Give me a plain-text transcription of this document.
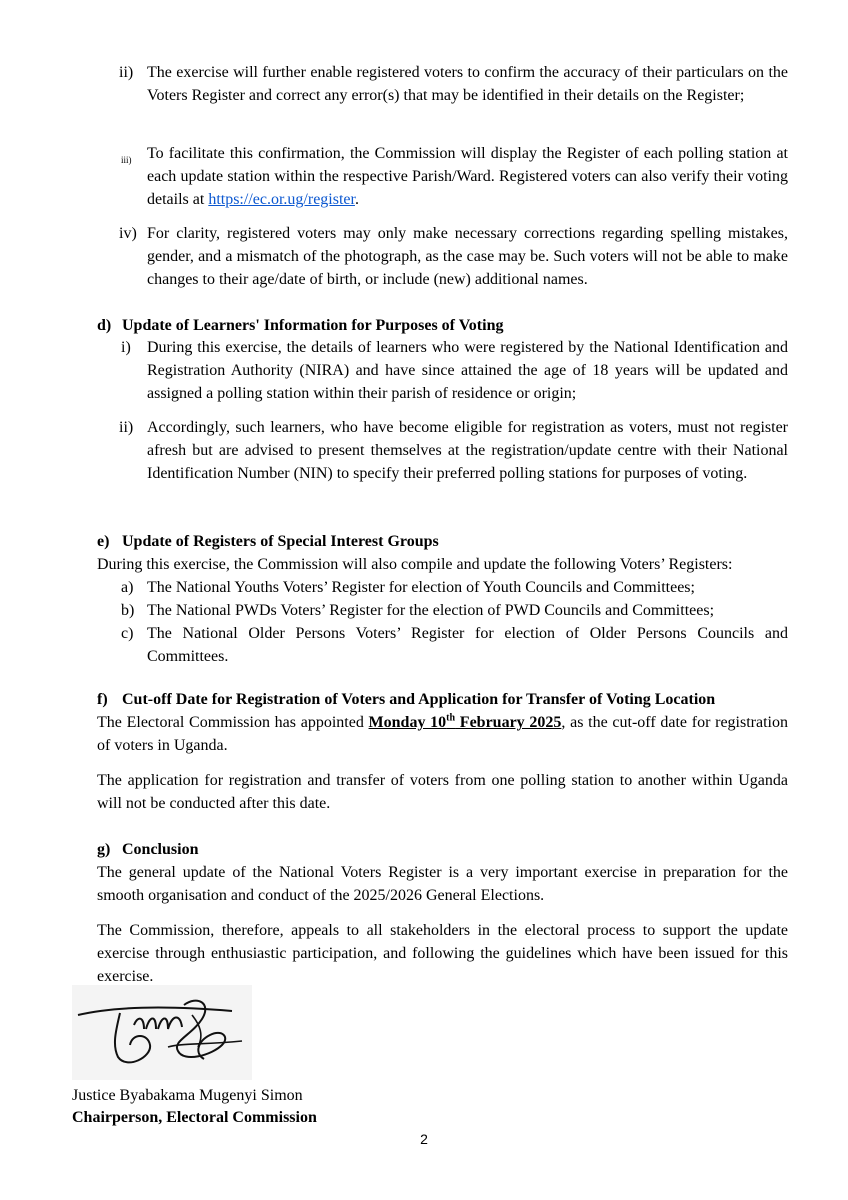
ii) The exercise will further enable registered voters to confirm the accuracy of their particulars on the Voters Register and correct any error(s) that may be identified in their details on the Register;

iii) To facilitate this confirmation, the Commission will display the Register of each polling station at each update station within the respective Parish/Ward. Registered voters can also verify their voting details at https://ec.or.ug/register.

iv) For clarity, registered voters may only make necessary corrections regarding spelling mistakes, gender, and a mismatch of the photograph, as the case may be. Such voters will not be able to make changes to their age/date of birth, or include (new) additional names.

d) Update of Learners' Information for Purposes of Voting
i) During this exercise, the details of learners who were registered by the National Identification and Registration Authority (NIRA) and have since attained the age of 18 years will be updated and assigned a polling station within their parish of residence or origin;

ii) Accordingly, such learners, who have become eligible for registration as voters, must not register afresh but are advised to present themselves at the registration/update centre with their National Identification Number (NIN) to specify their preferred polling stations for purposes of voting.

e) Update of Registers of Special Interest Groups

During this exercise, the Commission will also compile and update the following Voters’ Registers:

a) The National Youths Voters’ Register for election of Youth Councils and Committees;

b) The National PWDs Voters’ Register for the election of PWD Councils and Committees;

c) The National Older Persons Voters’ Register for election of Older Persons Councils and Committees.

f) Cut-off Date for Registration of Voters and Application for Transfer of Voting Location

The Electoral Commission has appointed Monday 10th February 2025, as the cut-off date for registration of voters in Uganda.

The application for registration and transfer of voters from one polling station to another within Uganda will not be conducted after this date.

g) Conclusion

The general update of the National Voters Register is a very important exercise in preparation for the smooth organisation and conduct of the 2025/2026 General Elections.

The Commission, therefore, appeals to all stakeholders in the electoral process to support the update exercise through enthusiastic participation, and following the guidelines which have been issued for this exercise.

Justice Byabakama Mugenyi Simon
Chairperson, Electoral Commission
2
